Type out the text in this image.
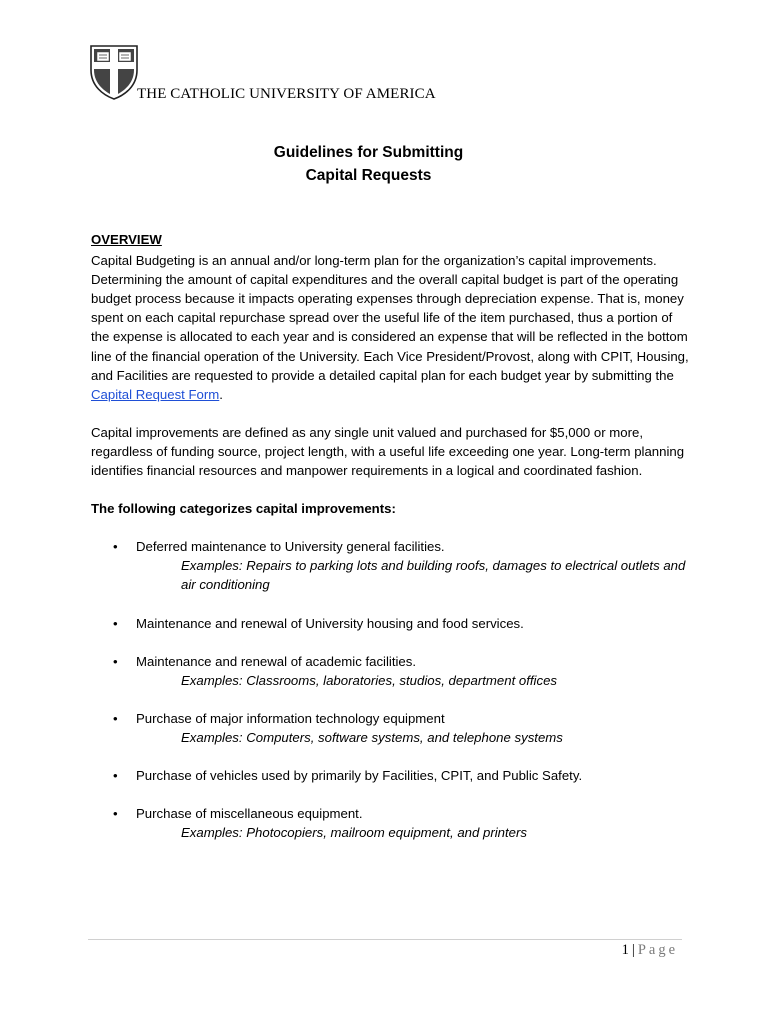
THE CATHOLIC UNIVERSITY OF AMERICA
Guidelines for Submitting
Capital Requests

OVERVIEW

Capital Budgeting is an annual and/or long-term plan for the organization’s capital improvements. Determining the amount of capital expenditures and the overall capital budget is part of the operating budget process because it impacts operating expenses through depreciation expense. That is, money spent on each capital repurchase spread over the useful life of the item purchased, thus a portion of the expense is allocated to each year and is considered an expense that will be reflected in the bottom line of the financial operation of the University. Each Vice President/Provost, along with CPIT, Housing, and Facilities are requested to provide a detailed capital plan for each budget year by submitting the Capital Request Form.

Capital improvements are defined as any single unit valued and purchased for $5,000 or more, regardless of funding source, project length, with a useful life exceeding one year. Long-term planning identifies financial resources and manpower requirements in a logical and coordinated fashion.

The following categorizes capital improvements:

• Deferred maintenance to University general facilities.
Examples: Repairs to parking lots and building roofs, damages to electrical outlets and air conditioning
• Maintenance and renewal of University housing and food services.
• Maintenance and renewal of academic facilities.
Examples: Classrooms, laboratories, studios, department offices
• Purchase of major information technology equipment
Examples: Computers, software systems, and telephone systems
• Purchase of vehicles used by primarily by Facilities, CPIT, and Public Safety.
• Purchase of miscellaneous equipment.
Examples: Photocopiers, mailroom equipment, and printers
1 | Page
